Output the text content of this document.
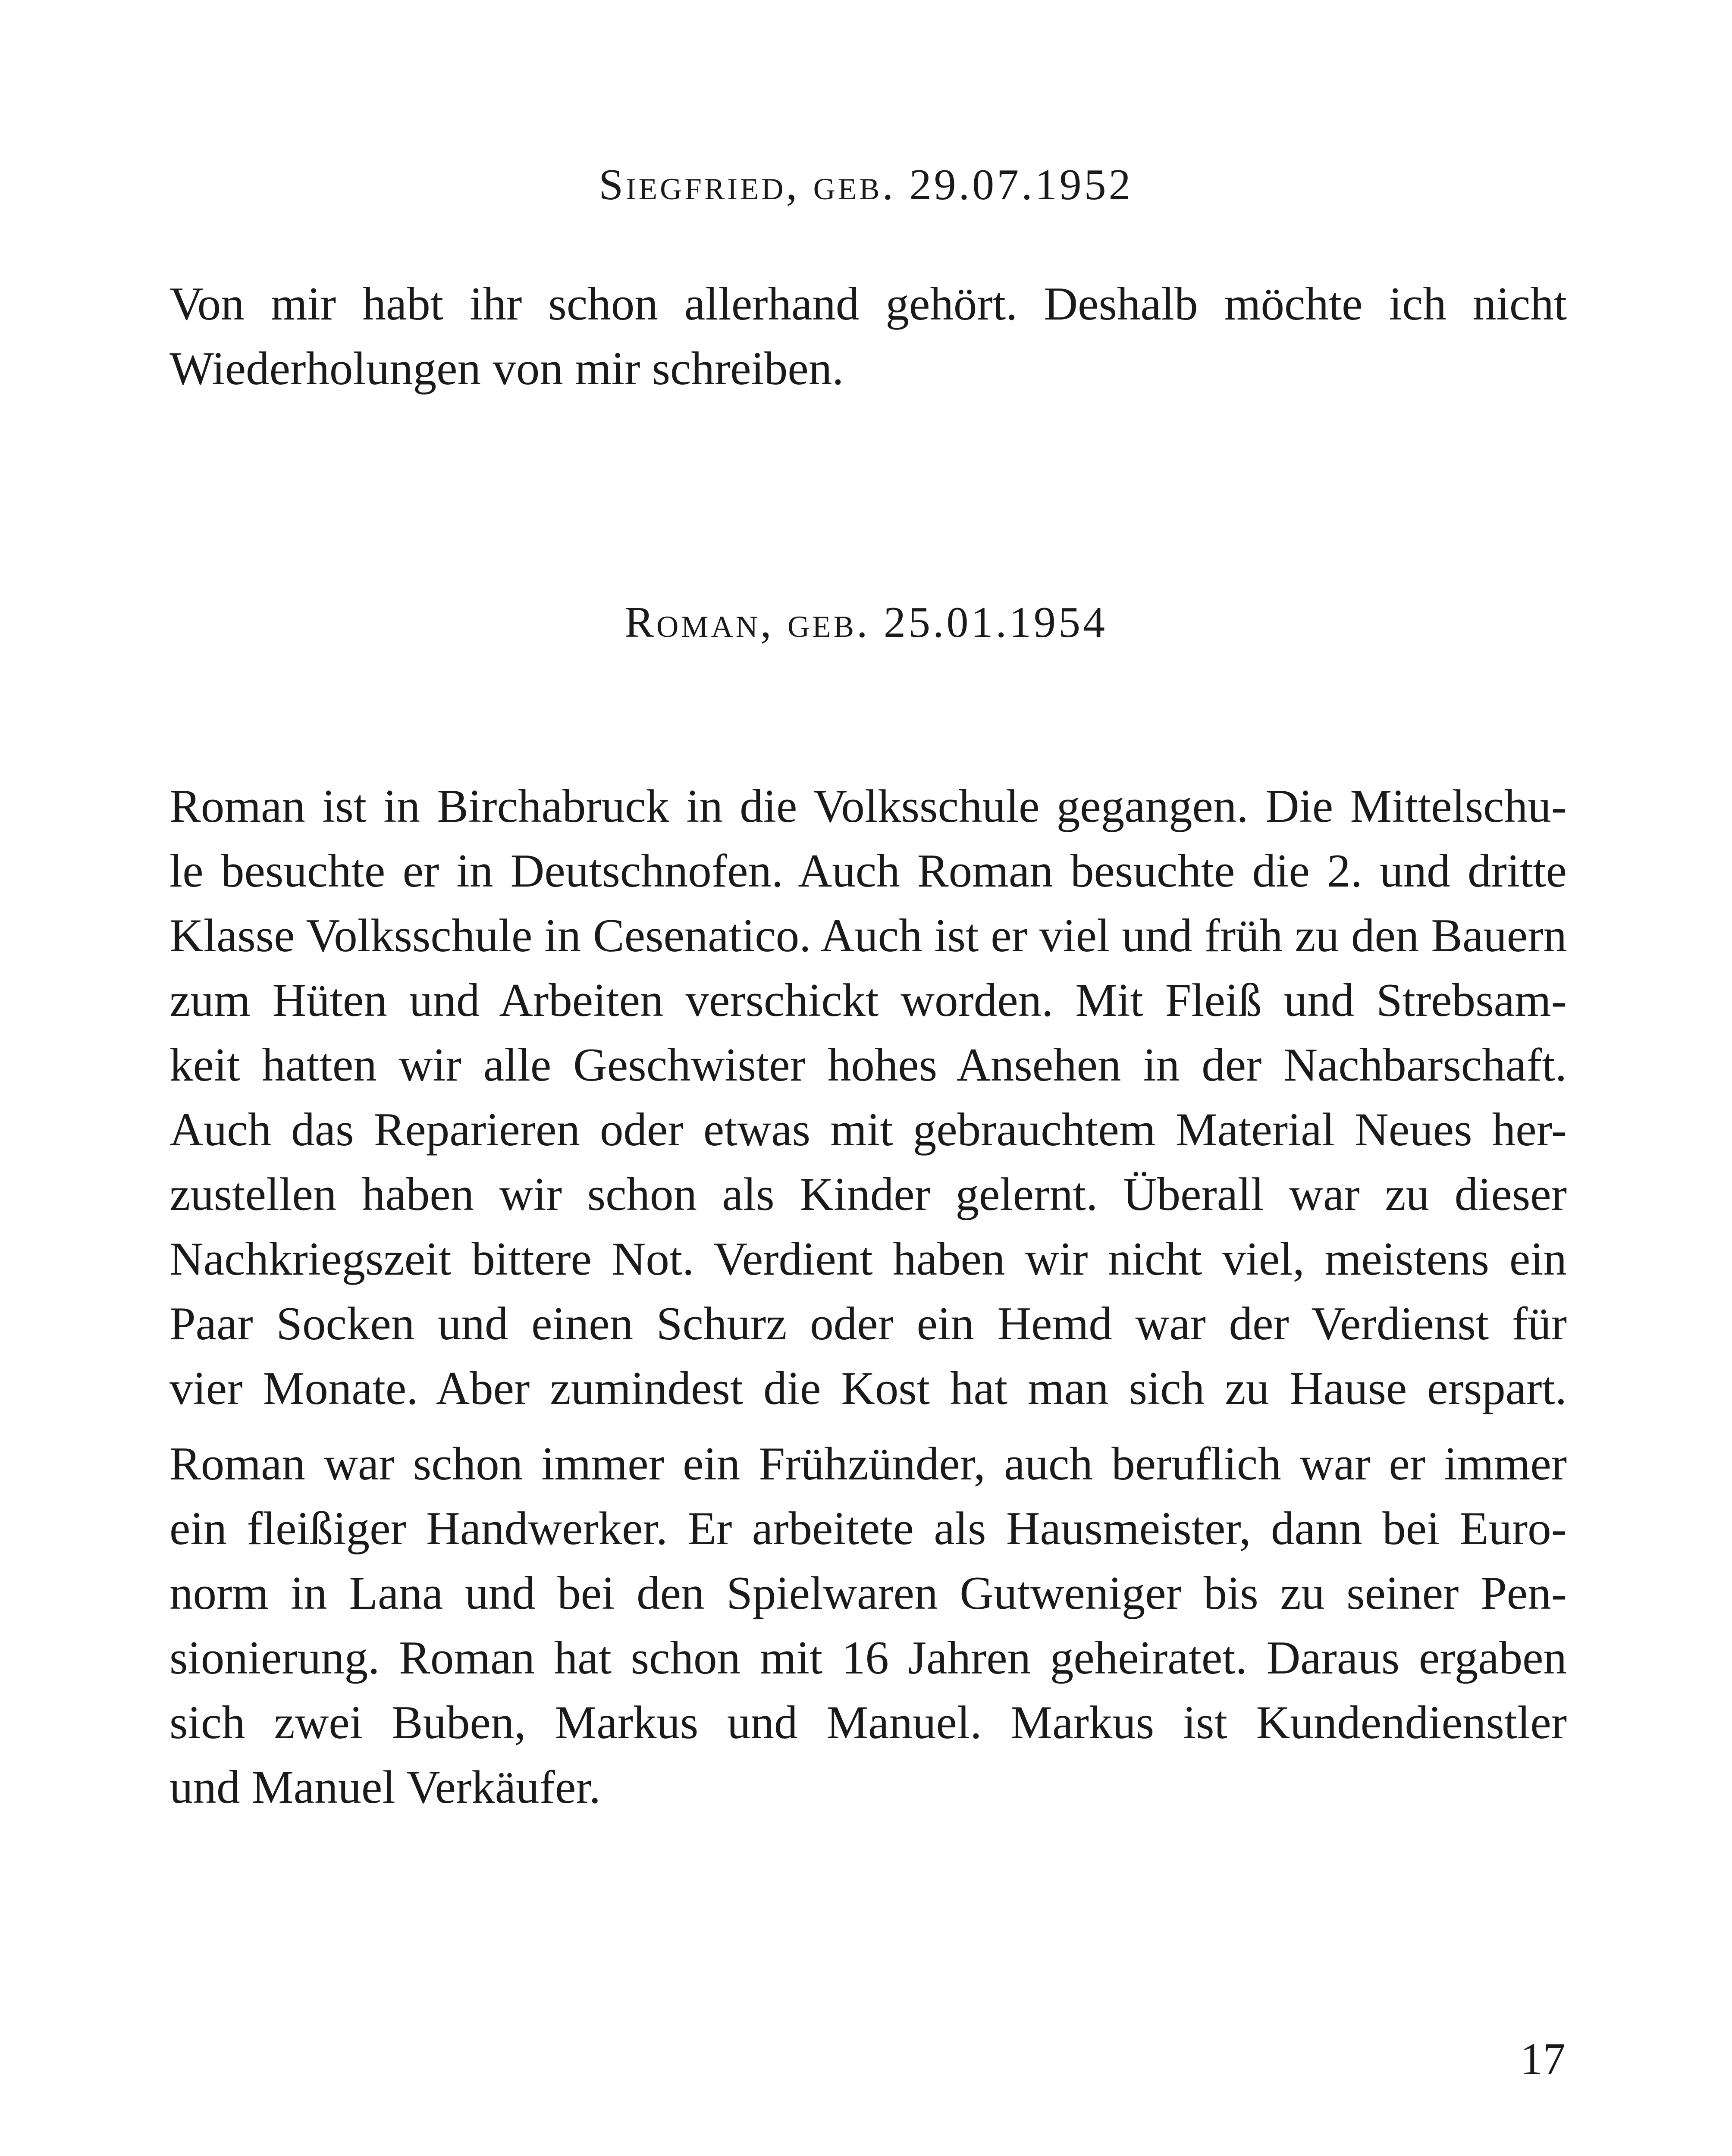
Siegfried, geb. 29.07.1952
Von mir habt ihr schon allerhand gehört. Deshalb möchte ich nicht
Wiederholungen von mir schreiben.
Roman, geb. 25.01.1954
Roman ist in Birchabruck in die Volksschule gegangen. Die Mittelschu-
le besuchte er in Deutschnofen. Auch Roman besuchte die 2. und dritte
Klasse Volksschule in Cesenatico. Auch ist er viel und früh zu den Bauern
zum Hüten und Arbeiten verschickt worden. Mit Fleiß und Strebsam-
keit hatten wir alle Geschwister hohes Ansehen in der Nachbarschaft.
Auch das Reparieren oder etwas mit gebrauchtem Material Neues her-
zustellen haben wir schon als Kinder gelernt. Überall war zu dieser
Nachkriegszeit bittere Not. Verdient haben wir nicht viel, meistens ein
Paar Socken und einen Schurz oder ein Hemd war der Verdienst für
vier Monate. Aber zumindest die Kost hat man sich zu Hause erspart.
Roman war schon immer ein Frühzünder, auch beruflich war er immer
ein fleißiger Handwerker. Er arbeitete als Hausmeister, dann bei Euro-
norm in Lana und bei den Spielwaren Gutweniger bis zu seiner Pen-
sionierung. Roman hat schon mit 16 Jahren geheiratet. Daraus ergaben
sich zwei Buben, Markus und Manuel. Markus ist Kundendienstler
und Manuel Verkäufer.
17
